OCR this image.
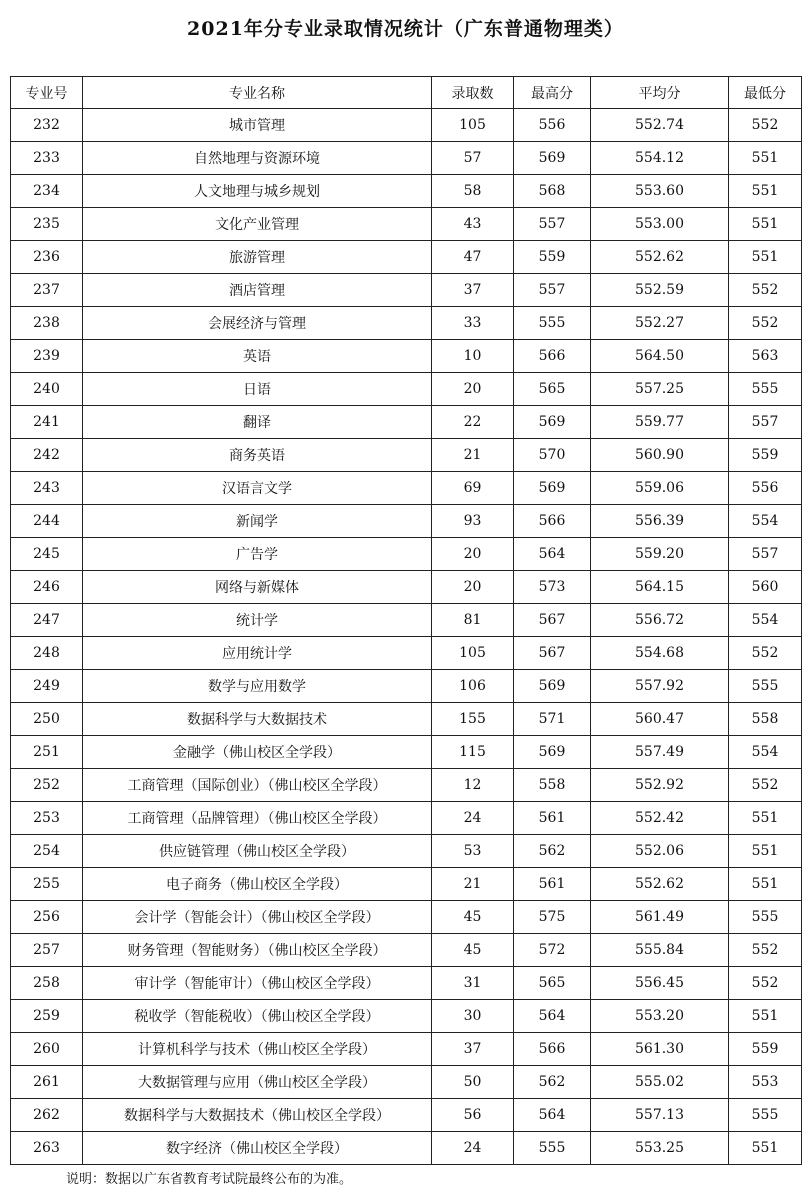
2021年分专业录取情况统计（广东普通物理类）
专业号	专业名称	录取数	最高分	平均分	最低分
232	城市管理	105	556	552.74	552
233	自然地理与资源环境	57	569	554.12	551
234	人文地理与城乡规划	58	568	553.60	551
235	文化产业管理	43	557	553.00	551
236	旅游管理	47	559	552.62	551
237	酒店管理	37	557	552.59	552
238	会展经济与管理	33	555	552.27	552
239	英语	10	566	564.50	563
240	日语	20	565	557.25	555
241	翻译	22	569	559.77	557
242	商务英语	21	570	560.90	559
243	汉语言文学	69	569	559.06	556
244	新闻学	93	566	556.39	554
245	广告学	20	564	559.20	557
246	网络与新媒体	20	573	564.15	560
247	统计学	81	567	556.72	554
248	应用统计学	105	567	554.68	552
249	数学与应用数学	106	569	557.92	555
250	数据科学与大数据技术	155	571	560.47	558
251	金融学（佛山校区全学段）	115	569	557.49	554
252	工商管理（国际创业）（佛山校区全学段）	12	558	552.92	552
253	工商管理（品牌管理）（佛山校区全学段）	24	561	552.42	551
254	供应链管理（佛山校区全学段）	53	562	552.06	551
255	电子商务（佛山校区全学段）	21	561	552.62	551
256	会计学（智能会计）（佛山校区全学段）	45	575	561.49	555
257	财务管理（智能财务）（佛山校区全学段）	45	572	555.84	552
258	审计学（智能审计）（佛山校区全学段）	31	565	556.45	552
259	税收学（智能税收）（佛山校区全学段）	30	564	553.20	551
260	计算机科学与技术（佛山校区全学段）	37	566	561.30	559
261	大数据管理与应用（佛山校区全学段）	50	562	555.02	553
262	数据科学与大数据技术（佛山校区全学段）	56	564	557.13	555
263	数字经济（佛山校区全学段）	24	555	553.25	551
说明：数据以广东省教育考试院最终公布的为准。
